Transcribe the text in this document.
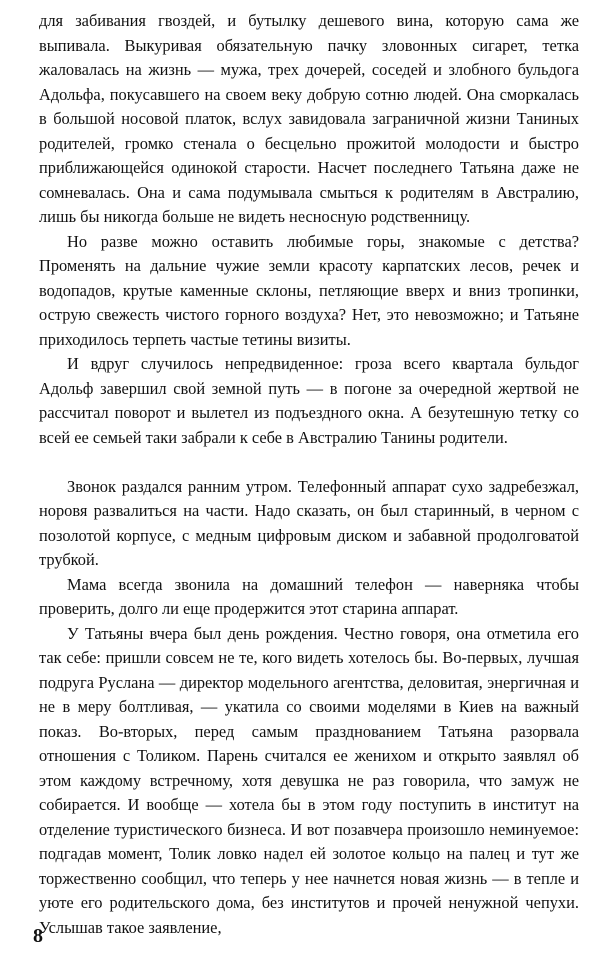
для забивания гвоздей, и бутылку дешевого вина, которую сама же выпивала. Выкуривая обязательную пачку зловонных сигарет, тетка жаловалась на жизнь — мужа, трех дочерей, соседей и злобного бульдога Адольфа, покусавшего на своем веку добрую сотню людей. Она сморкалась в большой носовой платок, вслух завидовала заграничной жизни Таниных родителей, громко стенала о бесцельно прожитой молодости и быстро приближающейся одинокой старости. Насчет последнего Татьяна даже не сомневалась. Она и сама подумывала смыться к родителям в Австралию, лишь бы никогда больше не видеть несносную родственницу.

Но разве можно оставить любимые горы, знакомые с детства? Променять на дальние чужие земли красоту карпатских лесов, речек и водопадов, крутые каменные склоны, петляющие вверх и вниз тропинки, острую свежесть чистого горного воздуха? Нет, это невозможно; и Татьяне приходилось терпеть частые тетины визиты.

И вдруг случилось непредвиденное: гроза всего квартала бульдог Адольф завершил свой земной путь — в погоне за очередной жертвой не рассчитал поворот и вылетел из подъездного окна. А безутешную тетку со всей ее семьей таки забрали к себе в Австралию Танины родители.

Звонок раздался ранним утром. Телефонный аппарат сухо задребезжал, норовя развалиться на части. Надо сказать, он был старинный, в черном с позолотой корпусе, с медным цифровым диском и забавной продолговатой трубкой.

Мама всегда звонила на домашний телефон — наверняка чтобы проверить, долго ли еще продержится этот старина аппарат.

У Татьяны вчера был день рождения. Честно говоря, она отметила его так себе: пришли совсем не те, кого видеть хотелось бы. Во-первых, лучшая подруга Руслана — директор модельного агентства, деловитая, энергичная и не в меру болтливая, — укатила со своими моделями в Киев на важный показ. Во-вторых, перед самым празднованием Татьяна разорвала отношения с Толиком. Парень считался ее женихом и открыто заявлял об этом каждому встречному, хотя девушка не раз говорила, что замуж не собирается. И вообще — хотела бы в этом году поступить в институт на отделение туристического бизнеса. И вот позавчера произошло неминуемое: подгадав момент, Толик ловко надел ей золотое кольцо на палец и тут же торжественно сообщил, что теперь у нее начнется новая жизнь — в тепле и уюте его родительского дома, без институтов и прочей ненужной чепухи. Услышав такое заявление,

8
